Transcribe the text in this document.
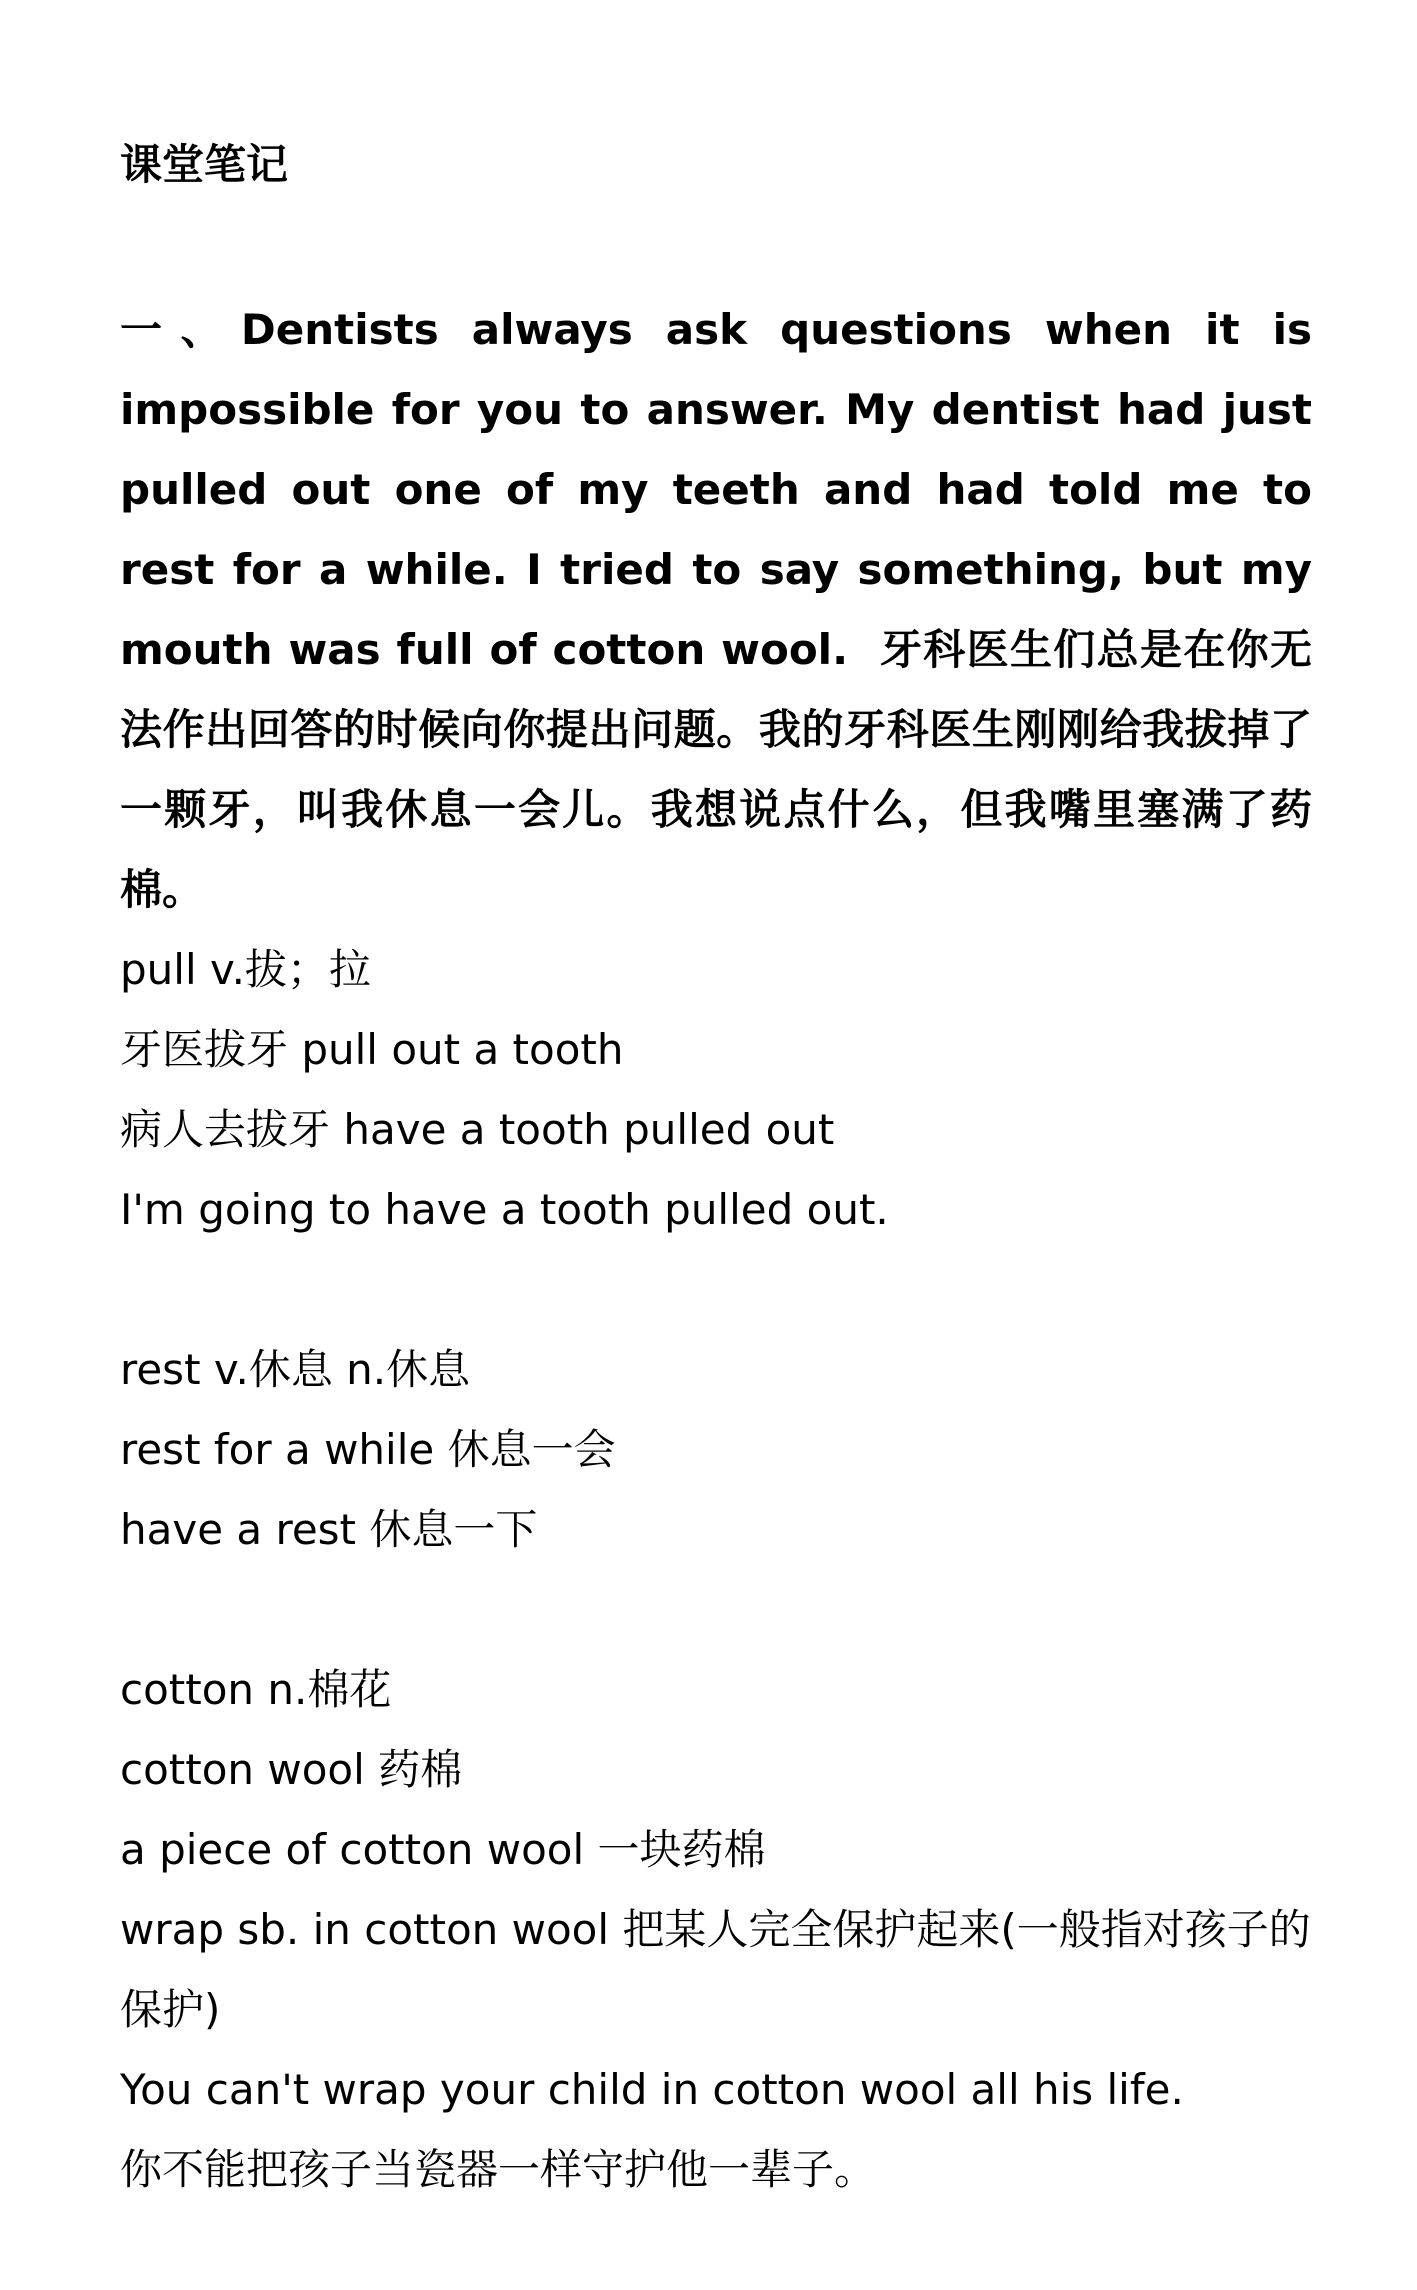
课堂笔记
一、Dentists always ask questions when it is impossible for you to answer. My dentist had just pulled out one of my teeth and had told me to rest for a while. I tried to say something, but my mouth was full of cotton wool. 牙科医生们总是在你无法作出回答的时候向你提出问题。我的牙科医生刚刚给我拔掉了一颗牙，叫我休息一会儿。我想说点什么，但我嘴里塞满了药棉。
pull v.拔；拉
牙医拔牙 pull out a tooth
病人去拔牙 have a tooth pulled out
I'm going to have a tooth pulled out.
rest v.休息 n.休息
rest for a while 休息一会
have a rest 休息一下
cotton n.棉花
cotton wool 药棉
a piece of cotton wool 一块药棉
wrap sb. in cotton wool 把某人完全保护起来(一般指对孩子的保护)
You can't wrap your child in cotton wool all his life.
你不能把孩子当瓷器一样守护他一辈子。
